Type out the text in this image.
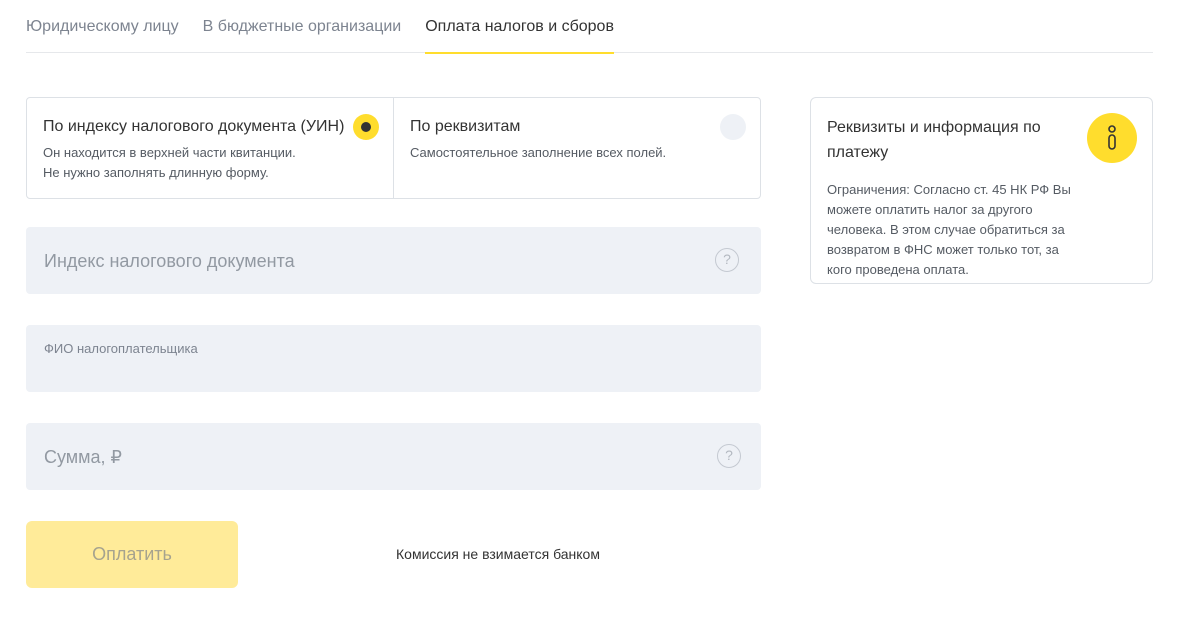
Юридическому лицу В бюджетные организации Оплата налогов и сборов
По индексу налогового документа (УИН)
Он находится в верхней части квитанции.
Не нужно заполнять длинную форму.
По реквизитам
Самостоятельное заполнение всех полей.
Индекс налогового документа	?
ФИО налогоплательщика
Сумма, ₽	?
Оплатить	Комиссия не взимается банком
Реквизиты и информация по платежу
Ограничения: Согласно ст. 45 НК РФ Вы можете оплатить налог за другого человека. В этом случае обратиться за возвратом в ФНС может только тот, за кого проведена оплата.
